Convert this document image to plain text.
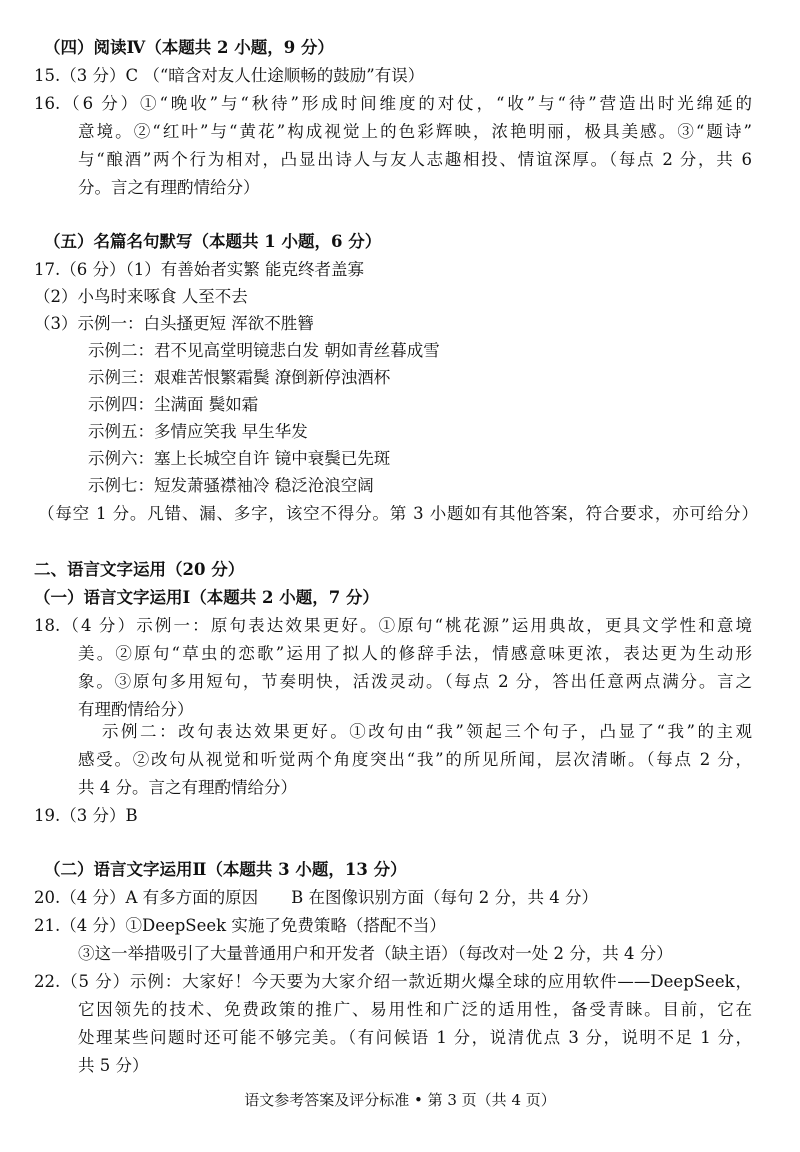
（四）阅读Ⅳ（本题共 2 小题，9 分）

15.（3 分）C （“暗含对友人仕途顺畅的鼓励”有误）

16.（6 分）①“晚收”与“秋待”形成时间维度的对仗，“收”与“待”营造出时光绵延的

意境。②“红叶”与“黄花”构成视觉上的色彩辉映，浓艳明丽，极具美感。③“题诗”

与“酿酒”两个行为相对，凸显出诗人与友人志趣相投、情谊深厚。（每点 2 分，共 6

分。言之有理酌情给分）

（五）名篇名句默写（本题共 1 小题，6 分）

17.（6 分）（1）有善始者实繁 能克终者盖寡

（2）小鸟时来啄食 人至不去

（3）示例一：白头搔更短 浑欲不胜簪

示例二：君不见高堂明镜悲白发 朝如青丝暮成雪

示例三：艰难苦恨繁霜鬓 潦倒新停浊酒杯

示例四：尘满面 鬓如霜

示例五：多情应笑我 早生华发

示例六：塞上长城空自许 镜中衰鬓已先斑

示例七：短发萧骚襟袖冷 稳泛沧浪空阔

（每空 1 分。凡错、漏、多字，该空不得分。第 3 小题如有其他答案，符合要求，亦可给分）

二、语言文字运用（20 分）

（一）语言文字运用Ⅰ（本题共 2 小题，7 分）

18.（4 分）示例一：原句表达效果更好。①原句“桃花源”运用典故，更具文学性和意境

美。②原句“草虫的恋歌”运用了拟人的修辞手法，情感意味更浓，表达更为生动形

象。③原句多用短句，节奏明快，活泼灵动。（每点 2 分，答出任意两点满分。言之

有理酌情给分）

示例二：改句表达效果更好。①改句由“我”领起三个句子，凸显了“我”的主观

感受。②改句从视觉和听觉两个角度突出“我”的所见所闻，层次清晰。（每点 2 分，

共 4 分。言之有理酌情给分）

19.（3 分）B

（二）语言文字运用Ⅱ（本题共 3 小题，13 分）

20.（4 分）A 有多方面的原因　　B 在图像识别方面（每句 2 分，共 4 分）

21.（4 分）①DeepSeek 实施了免费策略（搭配不当）

③这一举措吸引了大量普通用户和开发者（缺主语）（每改对一处 2 分，共 4 分）

22.（5 分）示例：大家好！今天要为大家介绍一款近期火爆全球的应用软件——DeepSeek，

它因领先的技术、免费政策的推广、易用性和广泛的适用性，备受青睐。目前，它在

处理某些问题时还可能不够完美。（有问候语 1 分，说清优点 3 分，说明不足 1 分，

共 5 分）

语文参考答案及评分标准 • 第 3 页（共 4 页）
